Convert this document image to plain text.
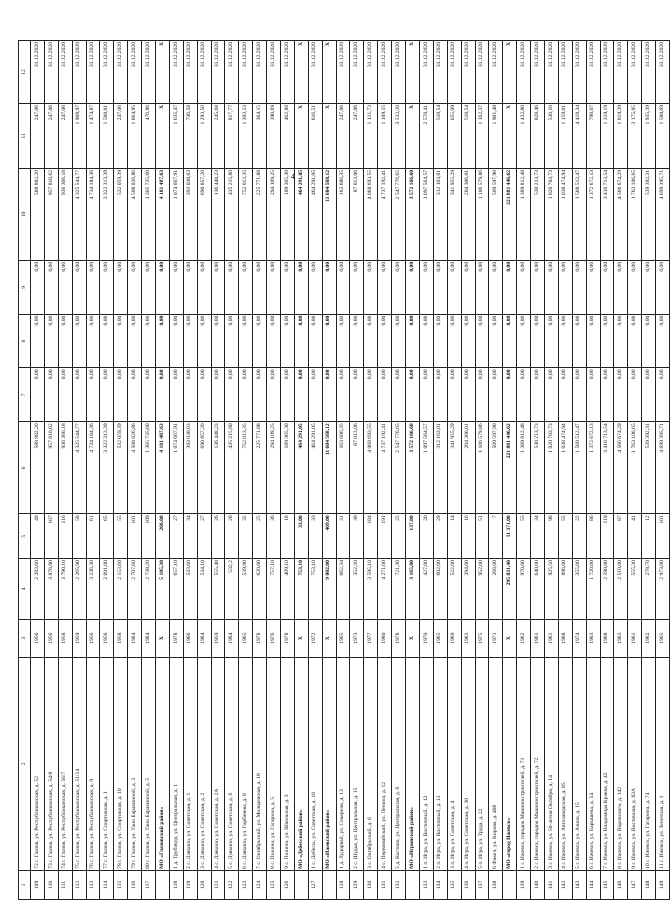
4
1	2	3	4	5	6	7	8	9	10	11	12
109	72 г. Глазов, ул. Республиканская, д. 52	1956	2 283,60	49	588 882,20	0,00	0,00	0,00	588 882,20	247,06	31.12.2020
110	73 г. Глазов, ул. Республиканская, д. 54/8	1956	3 876,90	107	957 810,62	0,00	0,00	0,00	957 810,62	247,06	31.12.2020
111	74 г. Глазов, ул. Республиканская, д. 56/7	1958	3 790,10	116	936 366,18	0,00	0,00	0,00	936 366,18	247,06	31.12.2020
112	75 г. Глазов, ул. Республиканская, д. 51/14	1959	2 265,90	58	4 325 544,77	0,00	0,00	0,00	4 325 544,77	1 908,97	31.12.2020
113	76 г. Глазов, ул. Республиканская, д. 9	1956	3 236,30	61	4 734 184,36	0,00	0,00	0,00	4 734 184,36	1 474,87	31.12.2020
114	77 г. Глазов, ул. Спортивная, д. 1	1956	2 091,00	65	3 322 313,39	0,00	0,00	0,00	3 322 313,39	1 588,81	31.12.2020
115	78 г. Глазов, ул. Спортивная, д. 10	1958	2 153,60	55	532 059,39	0,00	0,00	0,00	532 059,39	247,06	31.12.2020
116	79 г. Глазов, ул. Тани Барамзиной, д. 3	1964	2 707,60	101	4 508 026,86	0,00	0,00	0,00	4 508 026,86	1 664,95	31.12.2020
117	80 г. Глазов, ул. Тани Барамзиной, д. 5	1964	2 738,20	109	1 305 735,60	0,00	0,00	0,00	1 305 735,60	476,86	31.12.2020
	МО «Глазовский район»	X	5 105,30	260,00	4 181 487,63	0,00	0,00	0,00	4 181 487,63	X	X
118	1 д. Трубачур, ул. Центральная, д. 1	1978	657,10	27	1 074 667,91	0,00	0,00	0,00	1 074 667,91	1 635,47	31.12.2020
119	2 с. Дзякино, ул. Советская, д. 1	1966	533,60	34	393 038,63	0,00	0,00	0,00	393 038,63	736,58	31.12.2020
120	3 с. Дзякино, ул. Советская, д. 2	1964	534,10	27	690 857,20	0,00	0,00	0,00	690 857,20	1 293,50	31.12.2020
121	4 с. Дзякино, ул. Советская, д. 2А	1959	555,40	26	136 448,23	0,00	0,00	0,00	136 448,23	245,68	31.12.2020
122	5 с. Дзякино, ул. Советская, д. 6	1964	532,2	28	435 215,80	0,00	0,00	0,00	435 215,80	817,77	31.12.2020
123	6 с. Дзякино, ул. Горбачева, д. 8	1965	539,90	32	752 013,35	0,00	0,00	0,00	752 013,35	1 393,13	31.12.2020
124	7 с. Октябрьский, ул. Молодежная, д. 18	1978	620,00	25	225 771,88	0,00	0,00	0,00	225 771,88	364,15	31.12.2020
125	8 с. Понино, ул. Гагарина, д. 5	1976	757,10	36	294 109,25	0,00	0,00	0,00	294 109,25	390,69	31.12.2020
126	9 с. Понино, ул. Школьная, д. 3	1978	409,10	18	189 365,30	0,00	0,00	0,00	189 365,30	462,88	31.12.2020
	МО «Дебесский район»	X	753,10	33,00	464 291,05	0,00	0,00	0,00	464 291,05	X	X
127	1 с. Дебесы, ул. Советская, д. 18	1972	753,10	33	464 291,05	0,00	0,00	0,00	464 291,05	616,51	31.12.2020
	МО «Ижевский район»	X	9 002,00	469,00	11 604 568,12	0,00	0,00	0,00	11 604 568,12	X	X
128	1 д. Лудорвай, ул. Северная, д. 13	1965	662,34	31	163 686,35	0,00	0,00	0,00	163 686,35	247,06	31.12.2020
129	2 с. Шудья, ул. Центральная, д. 15	1973	352,20	30	87 013,06	0,00	0,00	0,00	87 013,06	247,06	31.12.2020
130	3 с. Октябрьский, д. 6	1977	3 595,10	184	4 068 693,55	0,00	0,00	0,00	4 068 693,55	1 131,73	31.12.2020
131	4 с. Первомайский, ул. Ленина, д. 12	1980	4 271,00	191	4 737 192,41	0,00	0,00	0,00	4 737 192,41	1 109,15	31.12.2020
132	5 д. Костово, ул. Центральная, д. 6	1978	721,30	25	2 547 776,65	0,00	0,00	0,00	2 547 776,65	3 532,20	31.12.2020
	МО «Игринский район»	X	3 165,00	137,00	3 572 166,60	0,00	0,00	0,00	3 572 166,60	X	X
133	1 п. Игра, ул. Восточный, д. 12	1970	427,00	20	1 097 564,57	0,00	0,00	0,00	1 097 564,57	2 570,41	31.12.2020
134	2 п. Игра, ул. Восточный, д. 13	1965	602,00	29	312 163,01	0,00	0,00	0,00	312 163,01	518,54	31.12.2020
135	3 п. Игра, ул. Советская, д. 4	1969	522,00	14	341 955,29	0,00	0,00	0,00	341 955,29	655,09	31.12.2020
136	4 п. Игра, ул. Советская, д. 30	1963	394,00	16	204 306,01	0,00	0,00	0,00	204 306,01	518,54	31.12.2020
137	5 п. Игра, ул. Труда, д. 22	1975	952,00	51	1 106 579,86	0,00	0,00	0,00	1 106 579,86	1 162,37	31.12.2020
138	6 Факел, ул. Кирова, д. 40б	1971	268,00	7	509 597,90	0,00	0,00	0,00	509 597,90	1 901,48	31.12.2020
	МО «город Ижевск»	X	295 831,40	11 371,00	221 881 446,62	0,00	0,00	0,00	221 881 446,62	X	X
139	1 г. Ижевск, городок Машиностроителей, д. 71	1962	970,00	55	1 389 812,48	0,00	0,00	0,00	1 389 812,48	1 432,80	31.12.2020
140	2 г. Ижевск, городок Машиностроителей, д. 72	1961	640,00	34	530 213,73	0,00	0,00	0,00	530 213,73	828,46	31.12.2020
141	3 г. Ижевск, ул. 50-летия Октября, д. 14	1961	925,50	98	1 020 703,73	0,00	0,00	0,00	1 020 703,73	530,10	31.12.2020
142	4 г. Ижевск, ул. Автозаводская, д. 85	1968	896,00	55	1 038 474,94	0,00	0,00	0,00	1 038 474,94	1 159,01	31.12.2020
143	5 г. Ижевск, ул. Азина, д. 15	1974	355,00	22	1 568 512,47	0,00	0,00	0,00	1 568 512,47	4 418,34	31.12.2020
144	6 г. Ижевск, ул. Барышева, д. 54	1963	1 720,00	86	1 372 672,13	0,00	0,00	0,00	1 372 672,13	798,07	31.12.2020
145	7 г. Ижевск, ул. Владимира Краева, д. 42	1968	2 590,00	119	3 416 713,54	0,00	0,00	0,00	3 416 713,54	1 319,19	31.12.2020
146	8 г. Ижевск, ул. Воровского, д. 142	1963	2 510,00	87	4 566 674,29	0,00	0,00	0,00	4 566 674,29	1 819,39	31.12.2020
147	9 г. Ижевск, ул. Восточная, д. 83А	1961	555,30	41	1 763 106,65	0,00	0,00	0,00	1 763 106,65	3 175,05	31.12.2020
148	10 г. Ижевск, ул. Гагарина, д. 74	1962	278,70	12	539 392,31	0,00	0,00	0,00	539 392,31	1 935,39	31.12.2020
149	11 г. Ижевск, ул. Зенитная, д. 1	1965	2 973,00	101	4 699 395,71	0,00	0,00	0,00	4 699 395,71	1 580,69	31.12.2020
